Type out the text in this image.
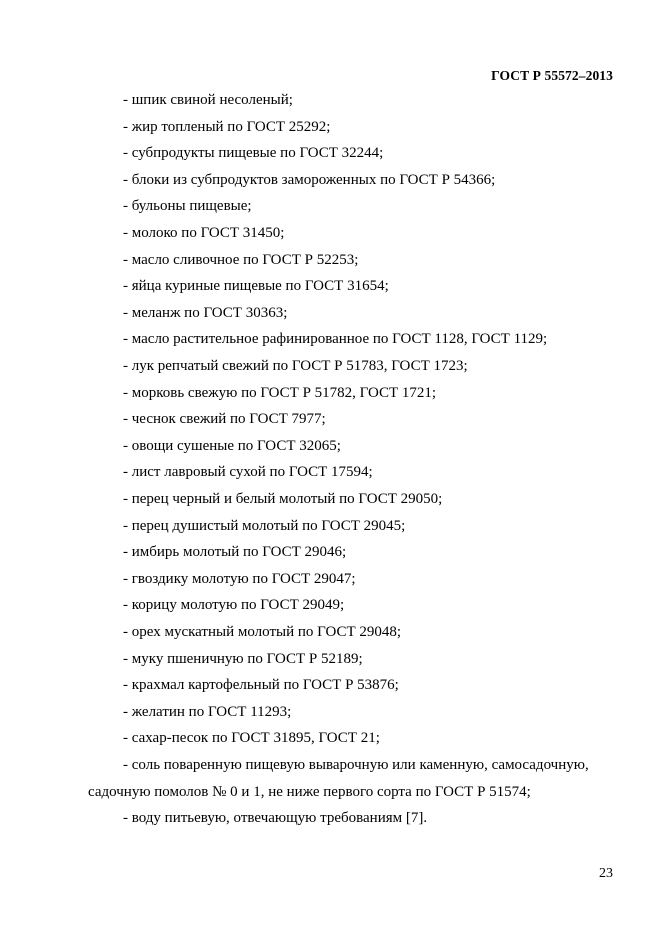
ГОСТ Р 55572–2013
- шпик свиной несоленый;
- жир топленый по ГОСТ 25292;
- субпродукты пищевые по ГОСТ 32244;
- блоки из субпродуктов замороженных по ГОСТ Р 54366;
- бульоны пищевые;
- молоко по ГОСТ 31450;
- масло сливочное по ГОСТ Р 52253;
- яйца куриные пищевые по ГОСТ 31654;
- меланж по ГОСТ 30363;
- масло растительное рафинированное по ГОСТ 1128, ГОСТ 1129;
- лук репчатый свежий по ГОСТ Р 51783, ГОСТ 1723;
- морковь свежую по ГОСТ Р 51782, ГОСТ 1721;
- чеснок свежий по ГОСТ 7977;
- овощи сушеные по ГОСТ 32065;
- лист лавровый сухой по ГОСТ 17594;
- перец черный и белый молотый по ГОСТ 29050;
- перец душистый молотый по ГОСТ 29045;
- имбирь молотый по ГОСТ 29046;
- гвоздику молотую по ГОСТ 29047;
- корицу молотую по ГОСТ 29049;
- орех мускатный молотый по ГОСТ 29048;
- муку пшеничную по ГОСТ Р 52189;
- крахмал картофельный по ГОСТ Р 53876;
- желатин по ГОСТ 11293;
- сахар-песок по ГОСТ 31895, ГОСТ 21;
- соль поваренную пищевую выварочную или каменную, самосадочную,
садочную помолов № 0 и 1, не ниже первого сорта по ГОСТ Р 51574;
- воду питьевую, отвечающую требованиям [7].
23
